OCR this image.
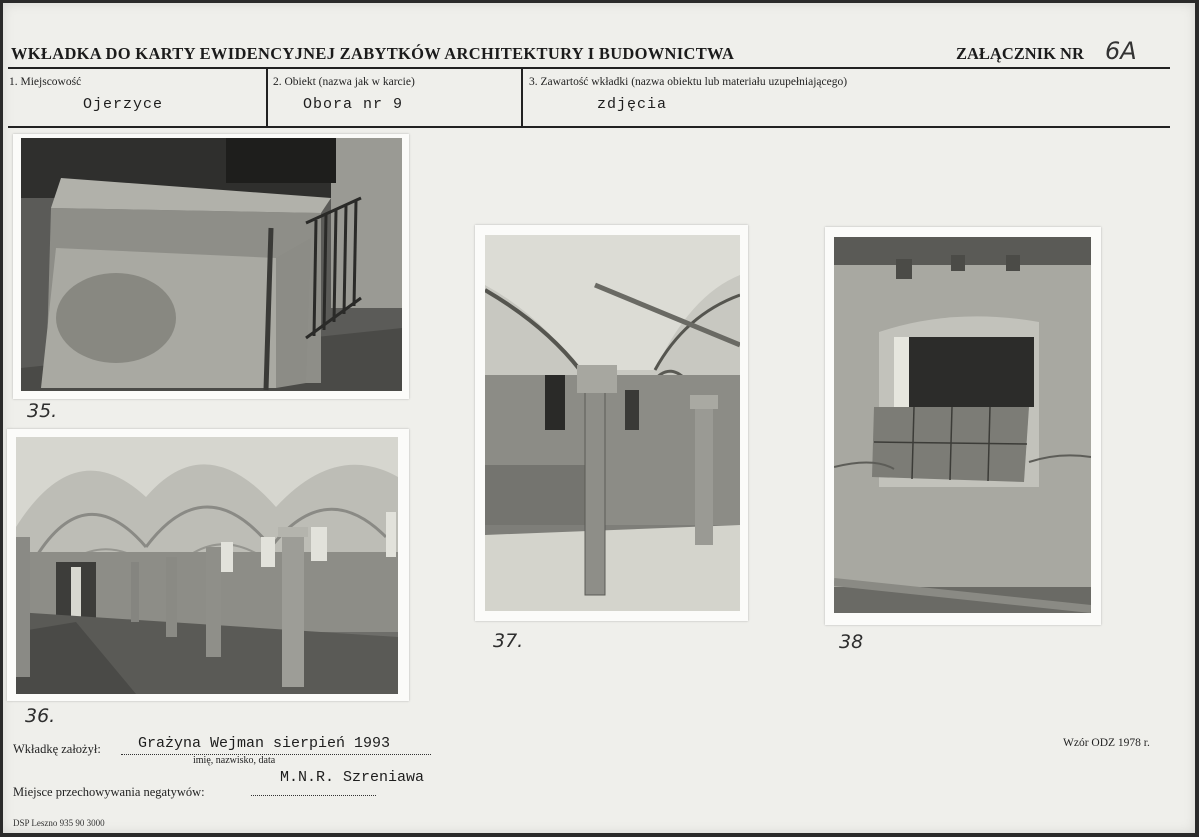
WKŁADKA DO KARTY EWIDENCYJNEJ ZABYTKÓW ARCHITEKTURY I BUDOWNICTWA	ZAŁĄCZNIK NR 6A
1. Miejscowość
Ojerzyce
2. Obiekt (nazwa jak w karcie)
Obora nr 9
3. Zawartość wkładki (nazwa obiektu lub materiału uzupełniającego)
zdjęcia
35.
36.
37.	38
Wkładkę założył: Grażyna Wejman sierpień 1993
imię, nazwisko, data
Miejsce przechowywania negatywów:
M.N.R. Szreniawa
Wzór ODZ 1978 r.
DSP Leszno 935 90 3000
